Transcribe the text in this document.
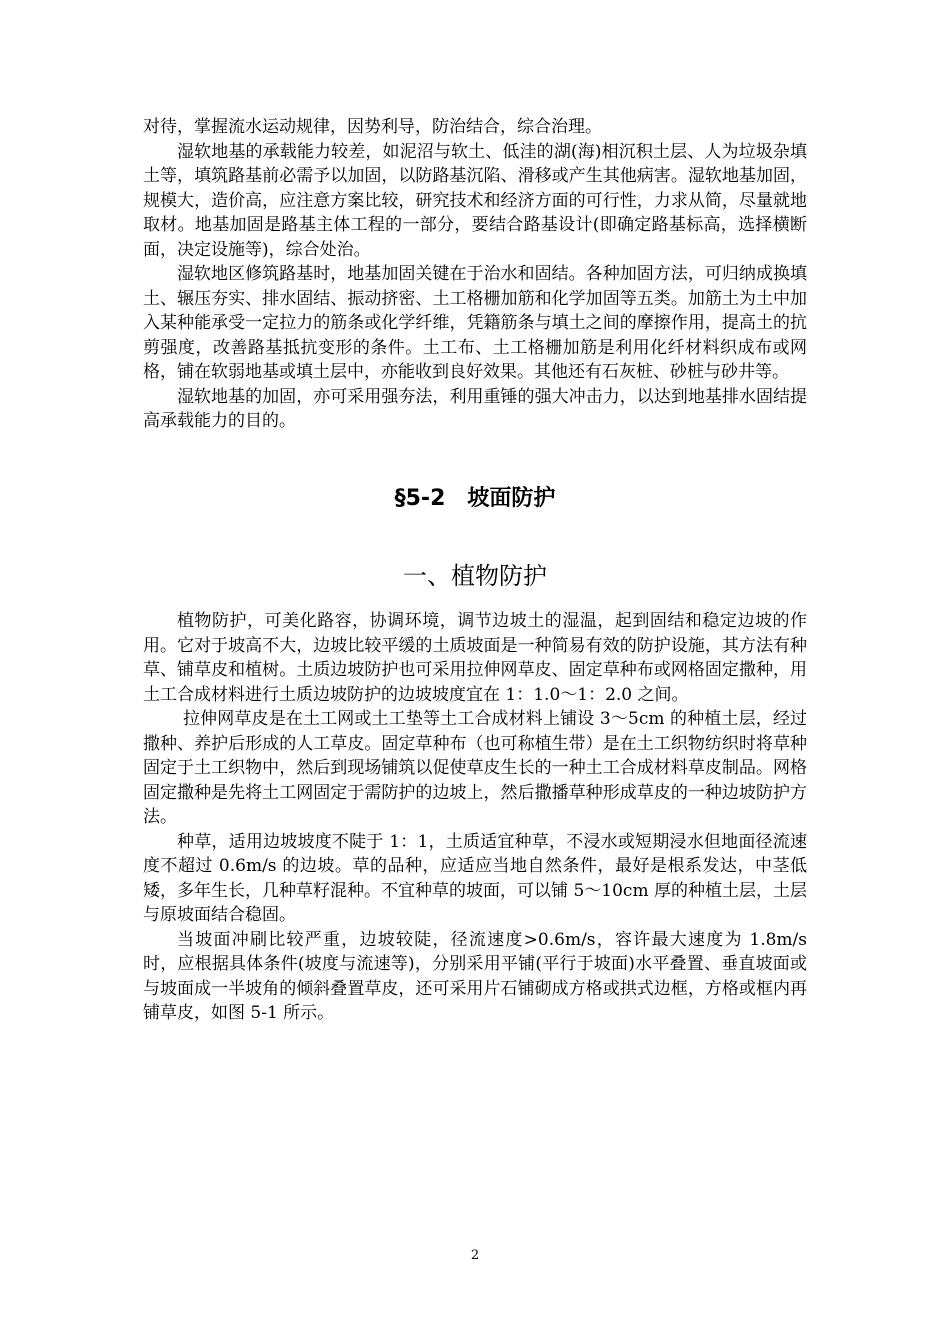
对待，掌握流水运动规律，因势利导，防治结合，综合治理。

湿软地基的承载能力较差，如泥沼与软土、低洼的湖(海)相沉积土层、人为垃圾杂填土等，填筑路基前必需予以加固，以防路基沉陷、滑移或产生其他病害。湿软地基加固，规模大，造价高，应注意方案比较，研究技术和经济方面的可行性，力求从简，尽量就地取材。地基加固是路基主体工程的一部分，要结合路基设计(即确定路基标高，选择横断面，决定设施等)，综合处治。

湿软地区修筑路基时，地基加固关键在于治水和固结。各种加固方法，可归纳成换填土、辗压夯实、排水固结、振动挤密、土工格栅加筋和化学加固等五类。加筋土为土中加入某种能承受一定拉力的筋条或化学纤维，凭籍筋条与填土之间的摩擦作用，提高土的抗剪强度，改善路基抵抗变形的条件。土工布、土工格栅加筋是利用化纤材料织成布或网格，铺在软弱地基或填土层中，亦能收到良好效果。其他还有石灰桩、砂桩与砂井等。

湿软地基的加固，亦可采用强夯法，利用重锤的强大冲击力，以达到地基排水固结提高承载能力的目的。

§5-2　坡面防护
一、植物防护

植物防护，可美化路容，协调环境，调节边坡土的湿温，起到固结和稳定边坡的作用。它对于坡高不大，边坡比较平缓的土质坡面是一种简易有效的防护设施，其方法有种草、铺草皮和植树。土质边坡防护也可采用拉伸网草皮、固定草种布或网格固定撒种，用土工合成材料进行土质边坡防护的边坡坡度宜在 1：1.0～1：2.0 之间。

拉伸网草皮是在土工网或土工垫等土工合成材料上铺设 3～5cm 的种植土层，经过撒种、养护后形成的人工草皮。固定草种布（也可称植生带）是在土工织物纺织时将草种固定于土工织物中，然后到现场铺筑以促使草皮生长的一种土工合成材料草皮制品。网格固定撒种是先将土工网固定于需防护的边坡上，然后撒播草种形成草皮的一种边坡防护方法。

种草，适用边坡坡度不陡于 1：1，土质适宜种草，不浸水或短期浸水但地面径流速度不超过 0.6m/s 的边坡。草的品种，应适应当地自然条件，最好是根系发达，中茎低矮，多年生长，几种草籽混种。不宜种草的坡面，可以铺 5～10cm 厚的种植土层，土层与原坡面结合稳固。

当坡面冲刷比较严重，边坡较陡，径流速度>0.6m/s，容许最大速度为 1.8m/s 时，应根据具体条件(坡度与流速等)，分别采用平铺(平行于坡面)水平叠置、垂直坡面或与坡面成一半坡角的倾斜叠置草皮，还可采用片石铺砌成方格或拱式边框，方格或框内再铺草皮，如图 5-1 所示。

2
